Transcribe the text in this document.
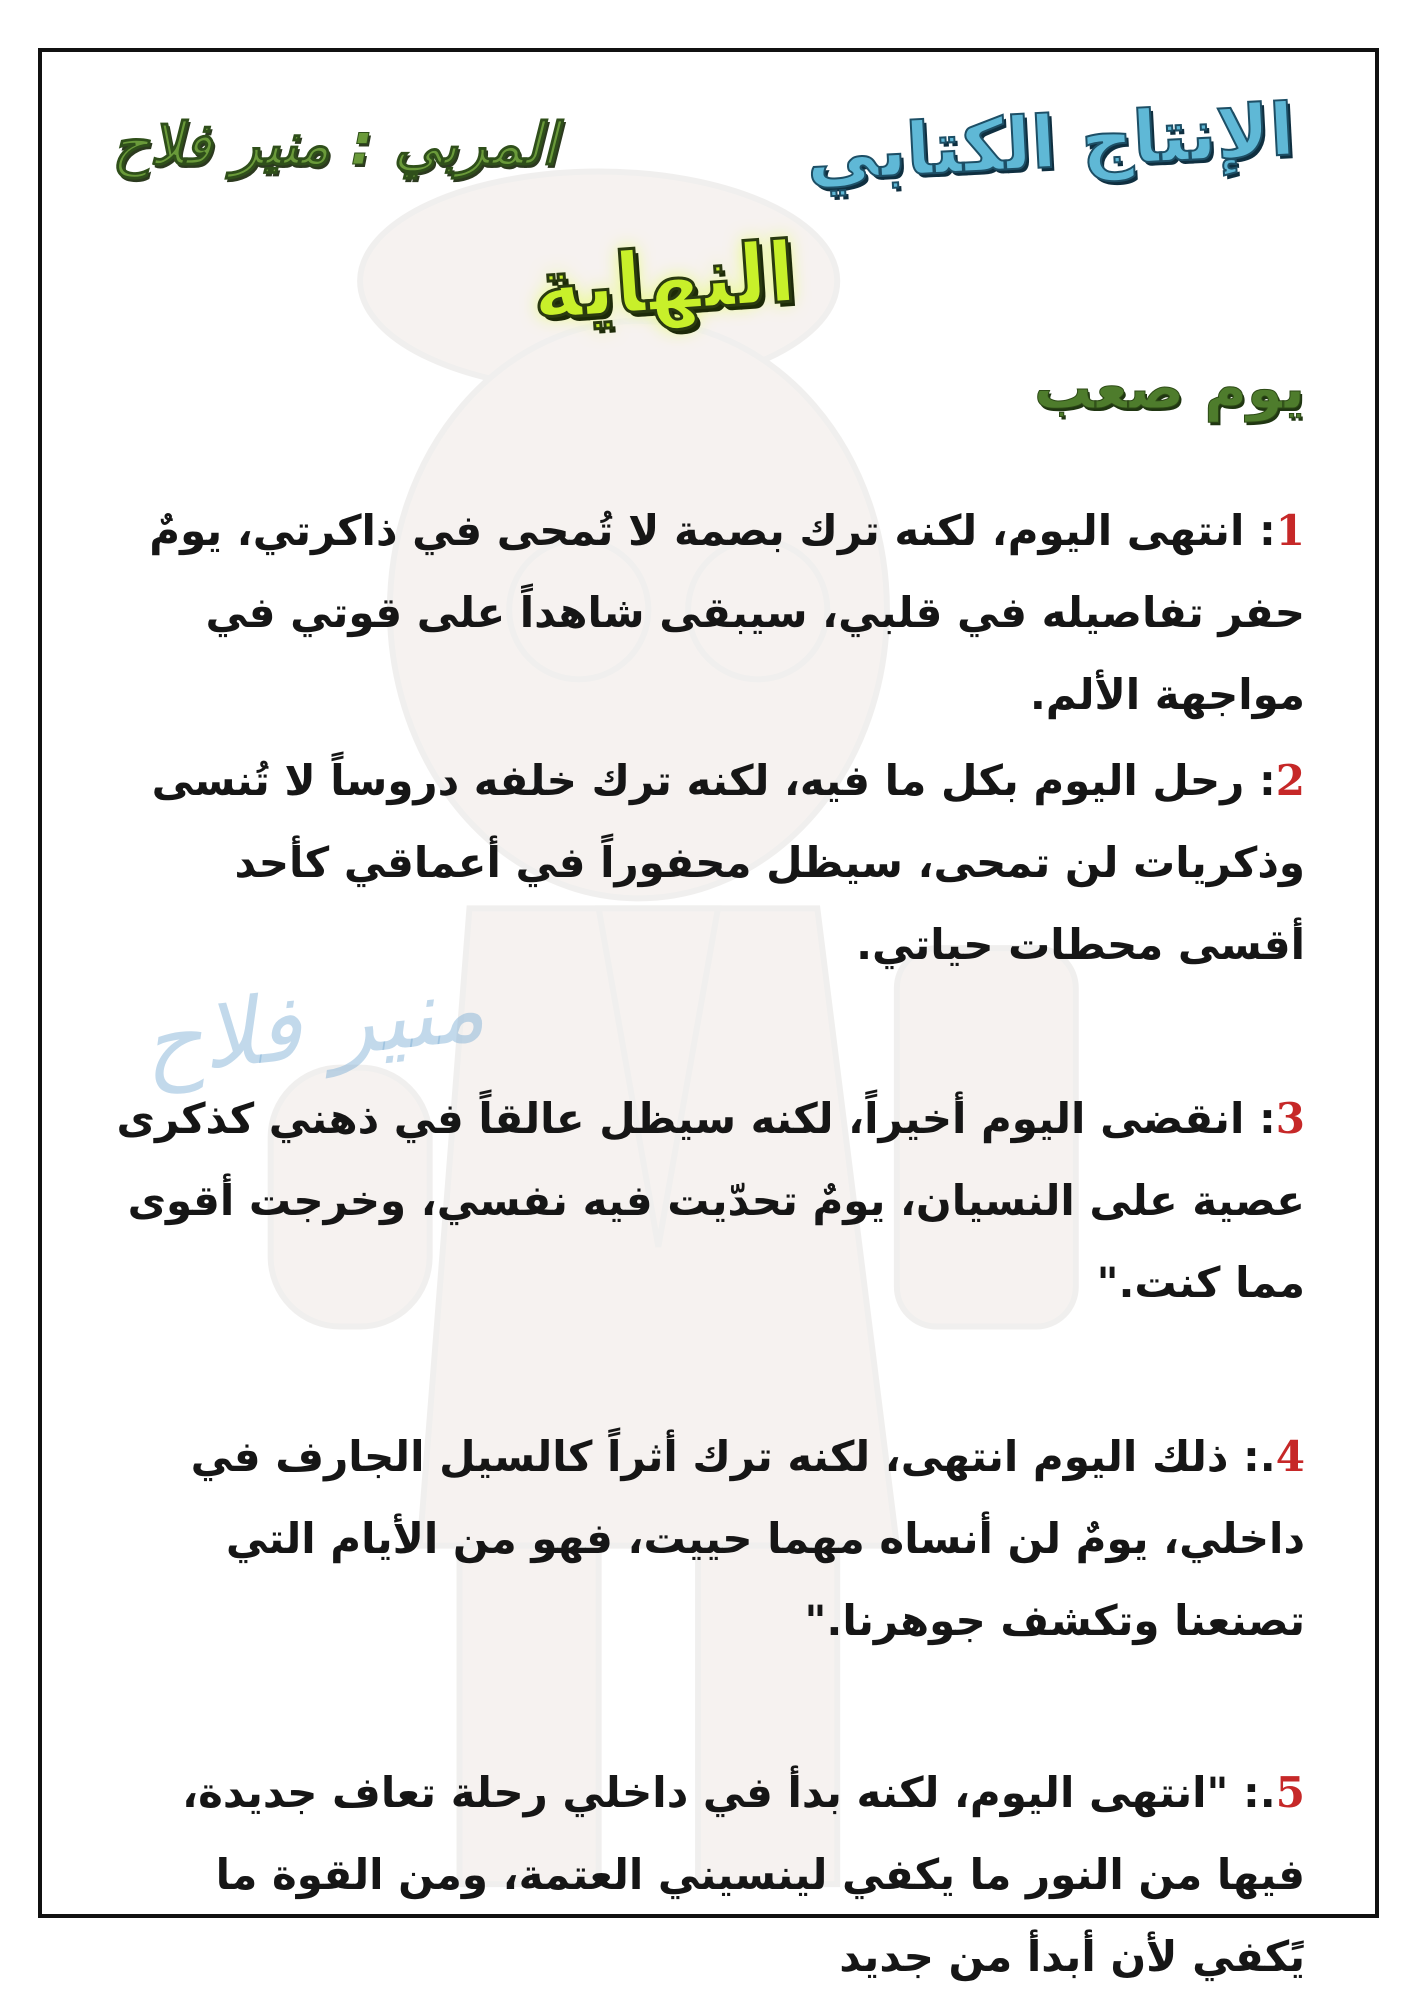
الإنتاج الكتابي
المربي : منير فلاح
النهاية
يوم صعب
منير فلاح

1: انتهى اليوم، لكنه ترك بصمة لا تُمحى في ذاكرتي، يومٌ حفر تفاصيله في قلبي، سيبقى شاهداً على قوتي في مواجهة الألم.

2: رحل اليوم بكل ما فيه، لكنه ترك خلفه دروساً لا تُنسى وذكريات لن تمحى، سيظل محفوراً في أعماقي كأحد أقسى محطات حياتي.

3: انقضى اليوم أخيراً، لكنه سيظل عالقاً في ذهني كذكرى عصية على النسيان، يومٌ تحدّيت فيه نفسي، وخرجت أقوى مما كنت."

4.: ذلك اليوم انتهى، لكنه ترك أثراً كالسيل الجارف في داخلي، يومٌ لن أنساه مهما حييت، فهو من الأيام التي تصنعنا وتكشف جوهرنا."

5.: "انتهى اليوم، لكنه بدأ في داخلي رحلة تعاف جديدة، فيها من النور ما يكفي لينسيني العتمة، ومن القوة ما يًكفي لأن أبدأ من جديد
